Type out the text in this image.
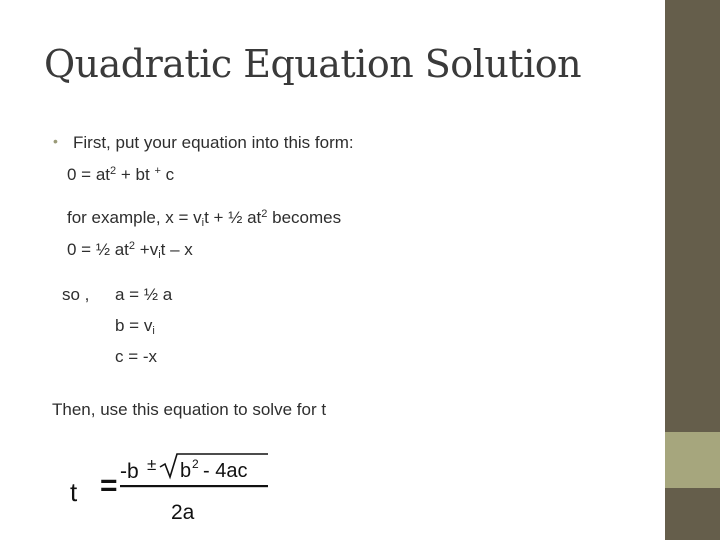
Quadratic Equation Solution
• First, put your equation into this form:
$0 = at^2$ + bt + c
for example, $x = v_it$ + ½ $at^2$ becomes
0 = ½ $at^2 +v_it - x$
so , a = ½ a
$b = v_i$
c = -x
Then, use this equation to solve for t
t = -b ± b 2 - 4ac
2a
